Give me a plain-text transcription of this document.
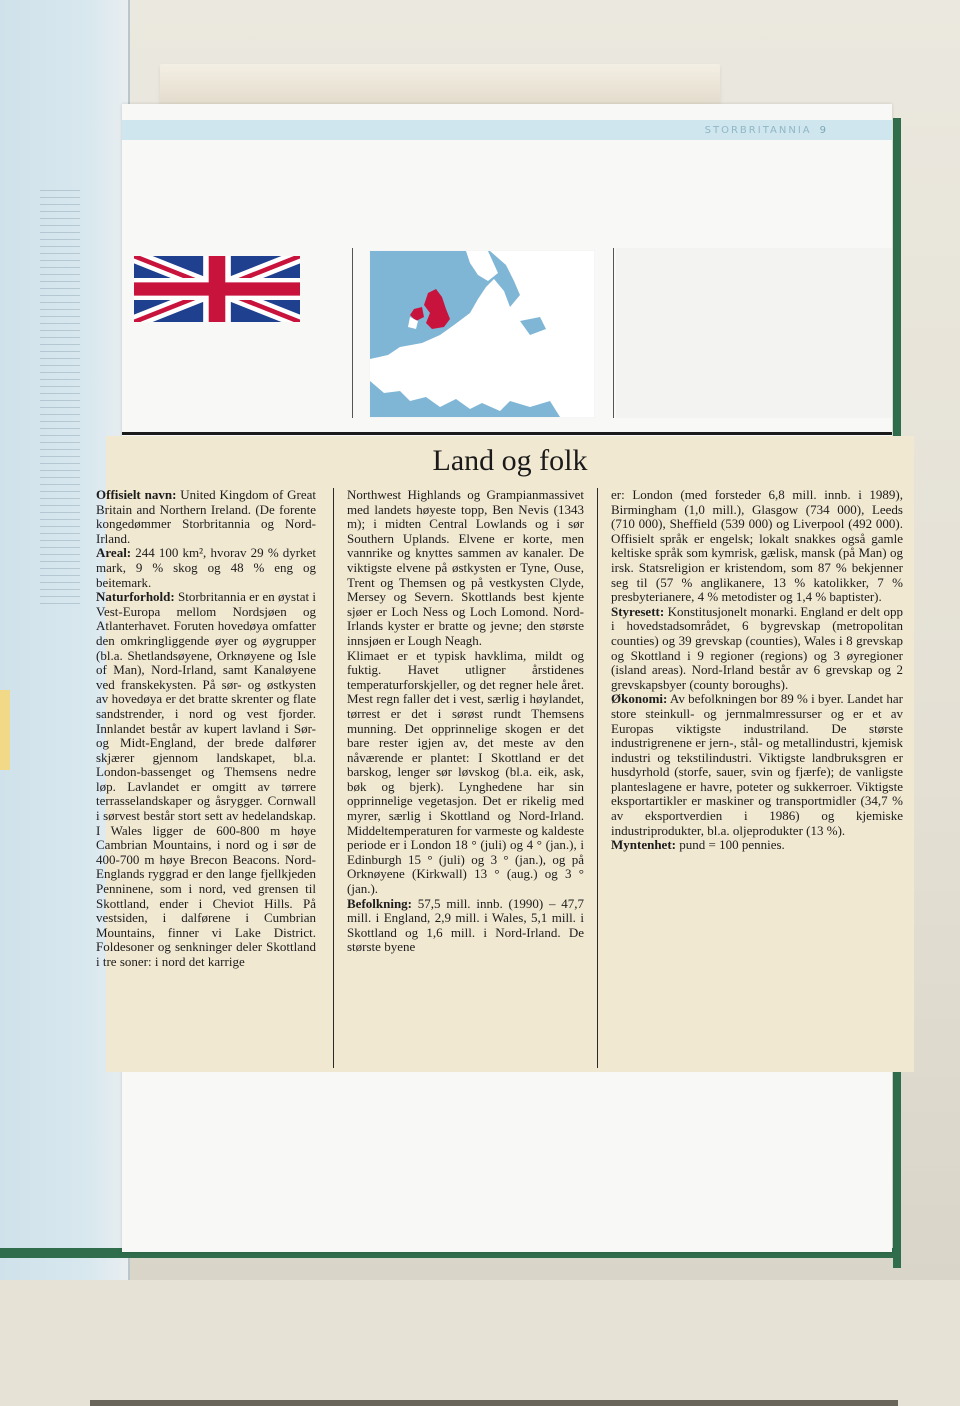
STORBRITANNIA 9
Land og folk

Offisielt navn: United Kingdom of Great Britain and Northern Ireland. (De forente kongedømmer Storbritannia og Nord-Irland.

Areal: 244 100 km², hvorav 29 % dyrket mark, 9 % skog og 48 % eng og beitemark.

Naturforhold: Storbritannia er en øystat i Vest-Europa mellom Nordsjøen og Atlanterhavet. Foruten hovedøya omfatter den omkringliggende øyer og øygrupper (bl.a. Shetlandsøyene, Orknøyene og Isle of Man), Nord-Irland, samt Kanaløyene ved franskekysten. På sør- og østkysten av hovedøya er det bratte skrenter og flate sandstrender, i nord og vest fjorder. Innlandet består av kupert lavland i Sør- og Midt-England, der brede dalfører skjærer gjennom landskapet, bl.a. London-bassenget og Themsens nedre løp. Lavlandet er omgitt av tørrere terrasselandskaper og åsrygger. Cornwall i sørvest består stort sett av hedelandskap. I Wales ligger de 600-800 m høye Cambrian Mountains, i nord og i sør de 400-700 m høye Brecon Beacons. Nord-Englands ryggrad er den lange fjellkjeden Penninene, som i nord, ved grensen til Skottland, ender i Cheviot Hills. På vestsiden, i dalførene i Cumbrian Mountains, finner vi Lake District. Foldesoner og senkninger deler Skottland i tre soner: i nord det karrige

Northwest Highlands og Grampianmassivet med landets høyeste topp, Ben Nevis (1343 m); i midten Central Lowlands og i sør Southern Uplands. Elvene er korte, men vannrike og knyttes sammen av kanaler. De viktigste elvene på østkysten er Tyne, Ouse, Trent og Themsen og på vestkysten Clyde, Mersey og Severn. Skottlands best kjente sjøer er Loch Ness og Loch Lomond. Nord-Irlands kyster er bratte og jevne; den største innsjøen er Lough Neagh.

Klimaet er et typisk havklima, mildt og fuktig. Havet utligner årstidenes temperaturforskjeller, og det regner hele året. Mest regn faller det i vest, særlig i høylandet, tørrest er det i sørøst rundt Themsens munning. Det opprinnelige skogen er det bare rester igjen av, det meste av den nåværende er plantet: I Skottland er det barskog, lenger sør løvskog (bl.a. eik, ask, bøk og bjerk). Lynghedene har sin opprinnelige vegetasjon. Det er rikelig med myrer, særlig i Skottland og Nord-Irland. Middeltemperaturen for varmeste og kaldeste periode er i London 18 ° (juli) og 4 ° (jan.), i Edinburgh 15 ° (juli) og 3 ° (jan.), og på Orknøyene (Kirkwall) 13 ° (aug.) og 3 ° (jan.).

Befolkning: 57,5 mill. innb. (1990) – 47,7 mill. i England, 2,9 mill. i Wales, 5,1 mill. i Skottland og 1,6 mill. i Nord-Irland. De største byene

er: London (med forsteder 6,8 mill. innb. i 1989), Birmingham (1,0 mill.), Glasgow (734 000), Leeds (710 000), Sheffield (539 000) og Liverpool (492 000). Offisielt språk er engelsk; lokalt snakkes også gamle keltiske språk som kymrisk, gælisk, mansk (på Man) og irsk. Statsreligion er kristendom, som 87 % bekjenner seg til (57 % anglikanere, 13 % katolikker, 7 % presbyterianere, 4 % metodister og 1,4 % baptister).

Styresett: Konstitusjonelt monarki. England er delt opp i hovedstadsområdet, 6 bygrevskap (metropolitan counties) og 39 grevskap (counties), Wales i 8 grevskap og Skottland i 9 regioner (regions) og 3 øyregioner (island areas). Nord-Irland består av 6 grevskap og 2 grevskapsbyer (county boroughs).

Økonomi: Av befolkningen bor 89 % i byer. Landet har store steinkull- og jernmalmressurser og er et av Europas viktigste industriland. De største industrigrenene er jern-, stål- og metallindustri, kjemisk industri og tekstilindustri. Viktigste landbruksgren er husdyrhold (storfe, sauer, svin og fjærfe); de vanligste planteslagene er havre, poteter og sukkerroer. Viktigste eksportartikler er maskiner og transportmidler (34,7 % av eksportverdien i 1986) og kjemiske industriprodukter, bl.a. oljeprodukter (13 %).

Myntenhet: pund = 100 pennies.
